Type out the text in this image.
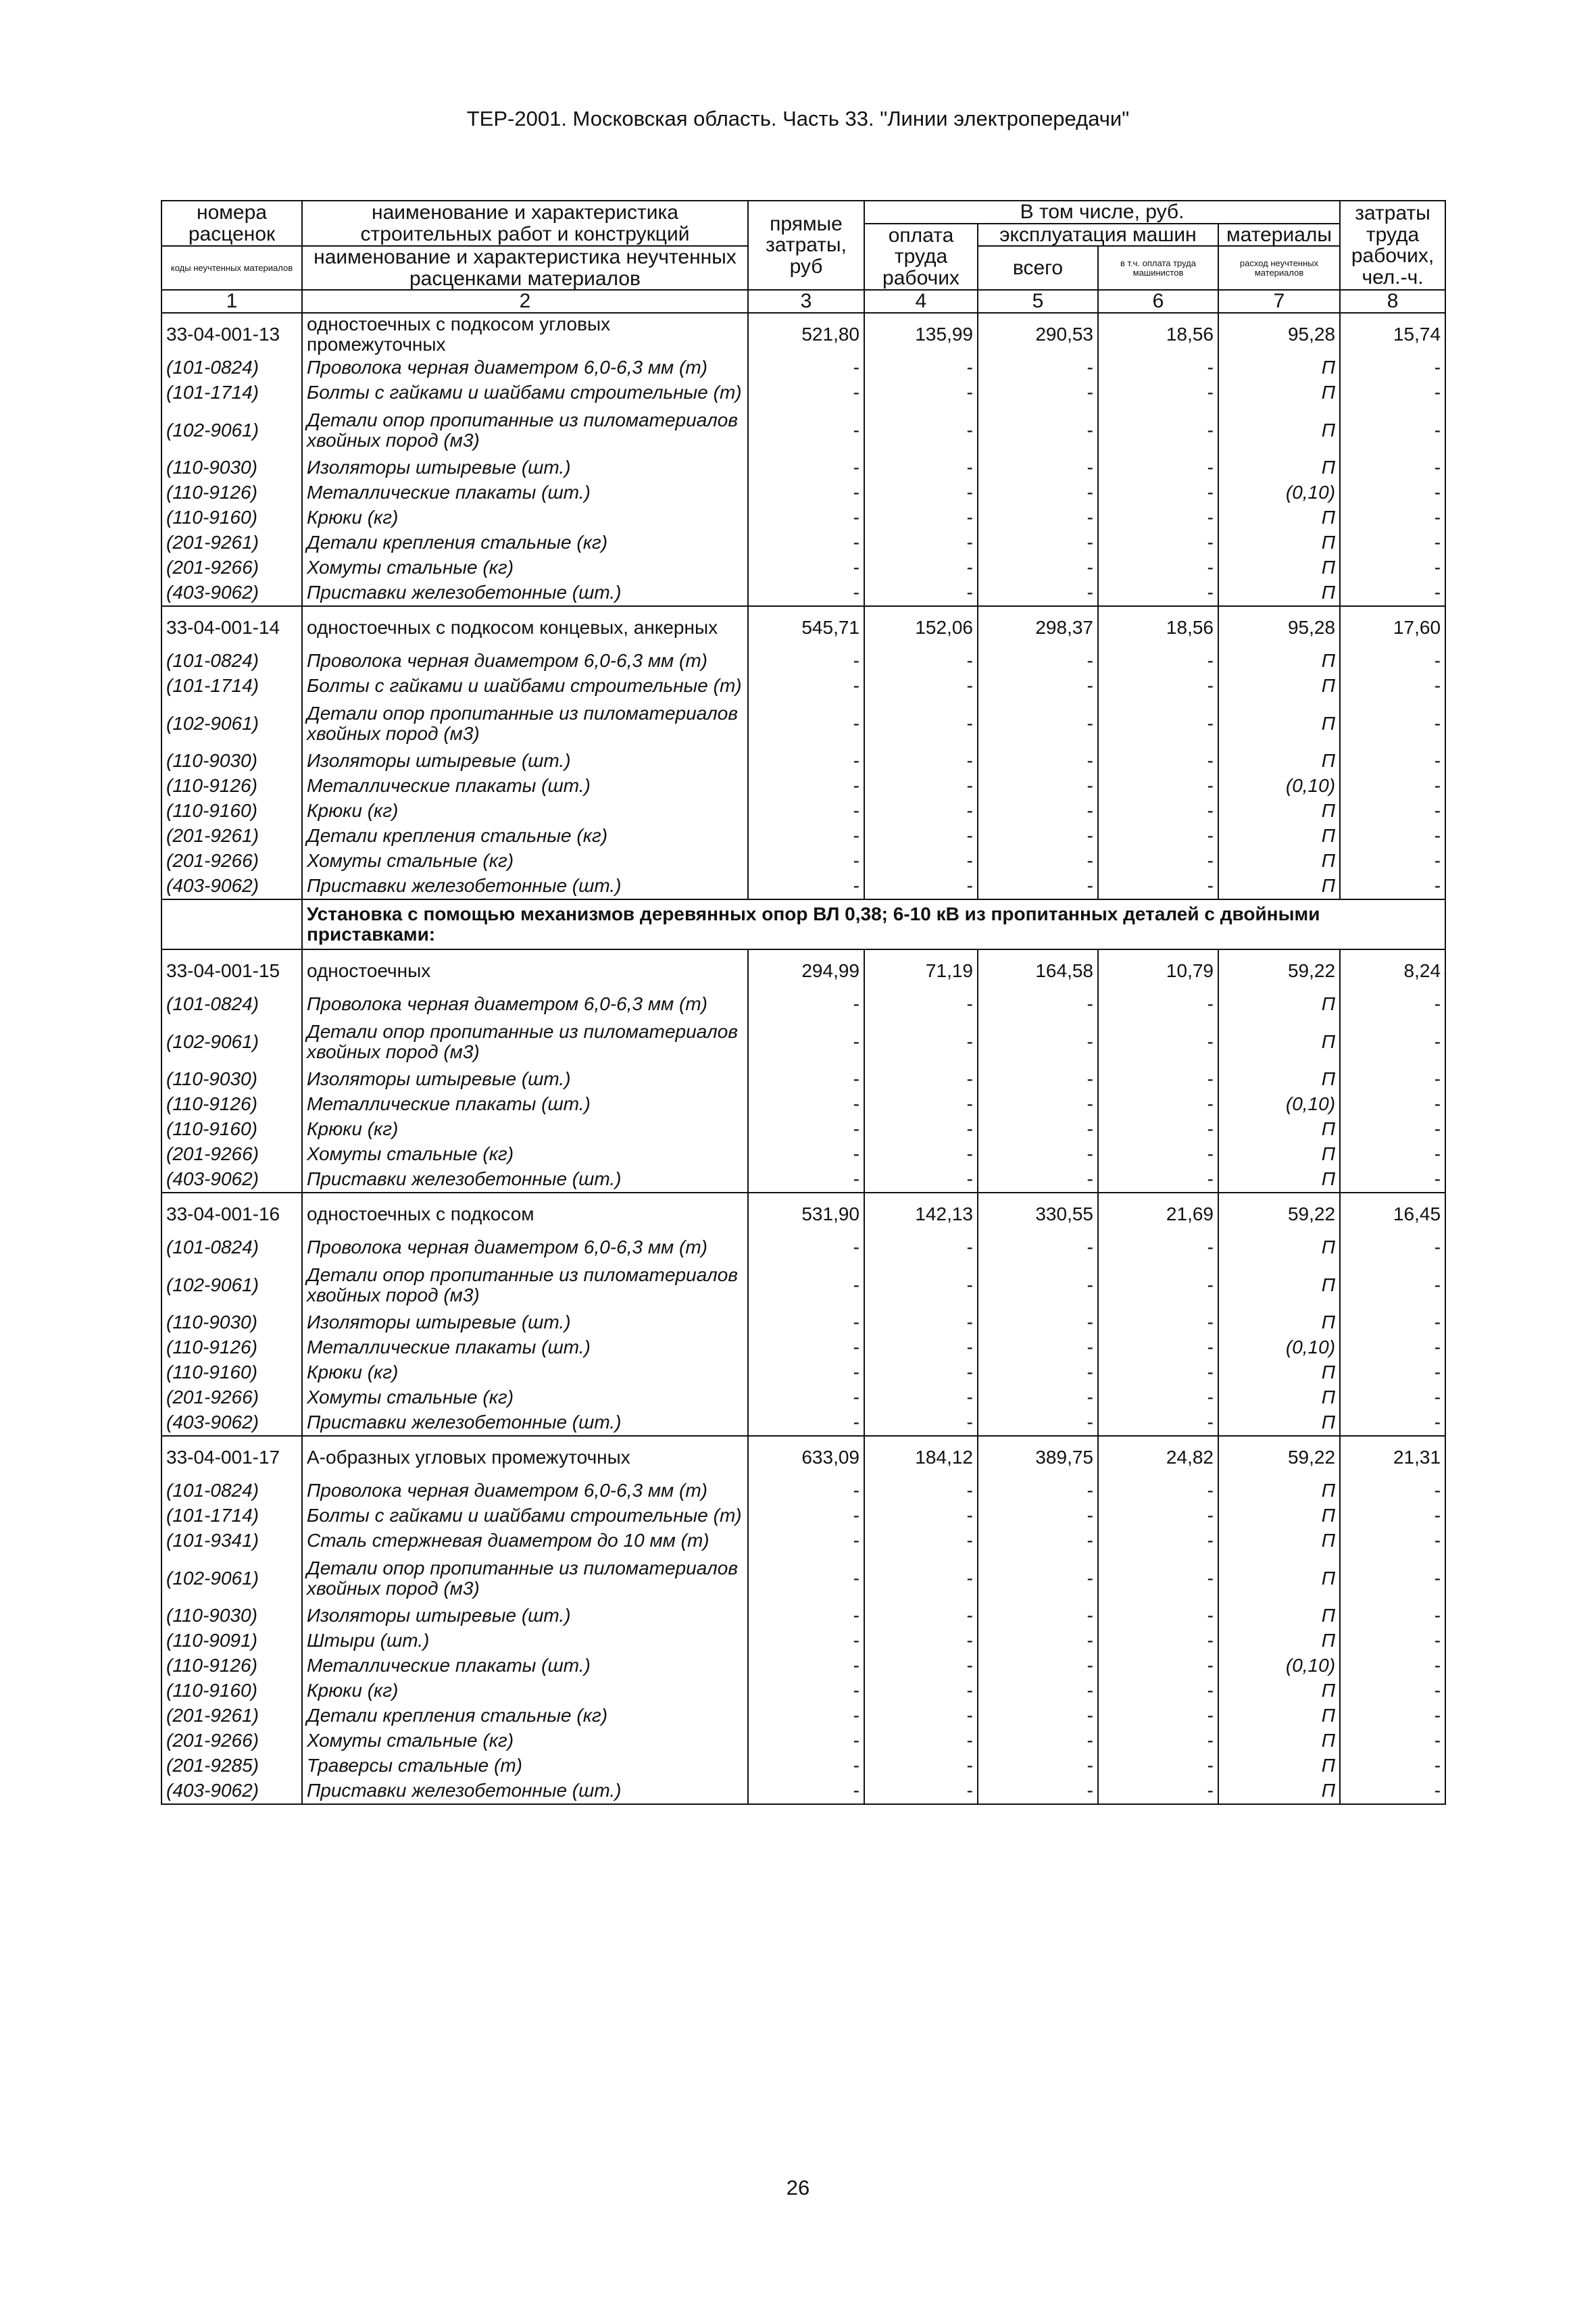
ТЕР-2001. Московская область. Часть 33. "Линии электропередачи"
номера расценок	наименование и характеристика строительных работ и конструкций	прямые затраты, руб	В том числе, руб.				затраты труда рабочих, чел.-ч.
			оплата труда рабочих	эксплуатация машин		материалы	
коды неучтенных материалов	наименование и характеристика неучтенных расценками материалов			всего	в т.ч. оплата труда машинистов	расход неучтенных материалов	

1	2	3	4	5	6	7	8
33-04-001-13	одностоечных с подкосом угловых промежуточных	521,80	135,99	290,53	18,56	95,28	15,74
(101-0824)	Проволока черная диаметром 6,0-6,3 мм (т)	-	-	-	-	П	-
(101-1714)	Болты с гайками и шайбами строительные (т)	-	-	-	-	П	-
(102-9061)	Детали опор пропитанные из пиломатериалов хвойных пород (м3)	-	-	-	-	П	-
(110-9030)	Изоляторы штыревые (шт.)	-	-	-	-	П	-
(110-9126)	Металлические плакаты (шт.)	-	-	-	-	(0,10)	-
(110-9160)	Крюки (кг)	-	-	-	-	П	-
(201-9261)	Детали крепления стальные (кг)	-	-	-	-	П	-
(201-9266)	Хомуты стальные (кг)	-	-	-	-	П	-
(403-9062)	Приставки железобетонные (шт.)	-	-	-	-	П	-
33-04-001-14	одностоечных с подкосом концевых, анкерных	545,71	152,06	298,37	18,56	95,28	17,60
(101-0824)	Проволока черная диаметром 6,0-6,3 мм (т)	-	-	-	-	П	-
(101-1714)	Болты с гайками и шайбами строительные (т)	-	-	-	-	П	-
(102-9061)	Детали опор пропитанные из пиломатериалов хвойных пород (м3)	-	-	-	-	П	-
(110-9030)	Изоляторы штыревые (шт.)	-	-	-	-	П	-
(110-9126)	Металлические плакаты (шт.)	-	-	-	-	(0,10)	-
(110-9160)	Крюки (кг)	-	-	-	-	П	-
(201-9261)	Детали крепления стальные (кг)	-	-	-	-	П	-
(201-9266)	Хомуты стальные (кг)	-	-	-	-	П	-
(403-9062)	Приставки железобетонные (шт.)	-	-	-	-	П	-
	Установка с помощью механизмов деревянных опор ВЛ 0,38; 6-10 кВ из пропитанных деталей с двойными приставками:						
33-04-001-15	одностоечных	294,99	71,19	164,58	10,79	59,22	8,24
(101-0824)	Проволока черная диаметром 6,0-6,3 мм (т)	-	-	-	-	П	-
(102-9061)	Детали опор пропитанные из пиломатериалов хвойных пород (м3)	-	-	-	-	П	-
(110-9030)	Изоляторы штыревые (шт.)	-	-	-	-	П	-
(110-9126)	Металлические плакаты (шт.)	-	-	-	-	(0,10)	-
(110-9160)	Крюки (кг)	-	-	-	-	П	-
(201-9266)	Хомуты стальные (кг)	-	-	-	-	П	-
(403-9062)	Приставки железобетонные (шт.)	-	-	-	-	П	-
33-04-001-16	одностоечных с подкосом	531,90	142,13	330,55	21,69	59,22	16,45
(101-0824)	Проволока черная диаметром 6,0-6,3 мм (т)	-	-	-	-	П	-
(102-9061)	Детали опор пропитанные из пиломатериалов хвойных пород (м3)	-	-	-	-	П	-
(110-9030)	Изоляторы штыревые (шт.)	-	-	-	-	П	-
(110-9126)	Металлические плакаты (шт.)	-	-	-	-	(0,10)	-
(110-9160)	Крюки (кг)	-	-	-	-	П	-
(201-9266)	Хомуты стальные (кг)	-	-	-	-	П	-
(403-9062)	Приставки железобетонные (шт.)	-	-	-	-	П	-
33-04-001-17	А-образных угловых промежуточных	633,09	184,12	389,75	24,82	59,22	21,31
(101-0824)	Проволока черная диаметром 6,0-6,3 мм (т)	-	-	-	-	П	-
(101-1714)	Болты с гайками и шайбами строительные (т)	-	-	-	-	П	-
(101-9341)	Сталь стержневая диаметром до 10 мм (т)	-	-	-	-	П	-
(102-9061)	Детали опор пропитанные из пиломатериалов хвойных пород (м3)	-	-	-	-	П	-
(110-9030)	Изоляторы штыревые (шт.)	-	-	-	-	П	-
(110-9091)	Штыри (шт.)	-	-	-	-	П	-
(110-9126)	Металлические плакаты (шт.)	-	-	-	-	(0,10)	-
(110-9160)	Крюки (кг)	-	-	-	-	П	-
(201-9261)	Детали крепления стальные (кг)	-	-	-	-	П	-
(201-9266)	Хомуты стальные (кг)	-	-	-	-	П	-
(201-9285)	Траверсы стальные (т)	-	-	-	-	П	-
(403-9062)	Приставки железобетонные (шт.)	-	-	-	-	П	-
26
